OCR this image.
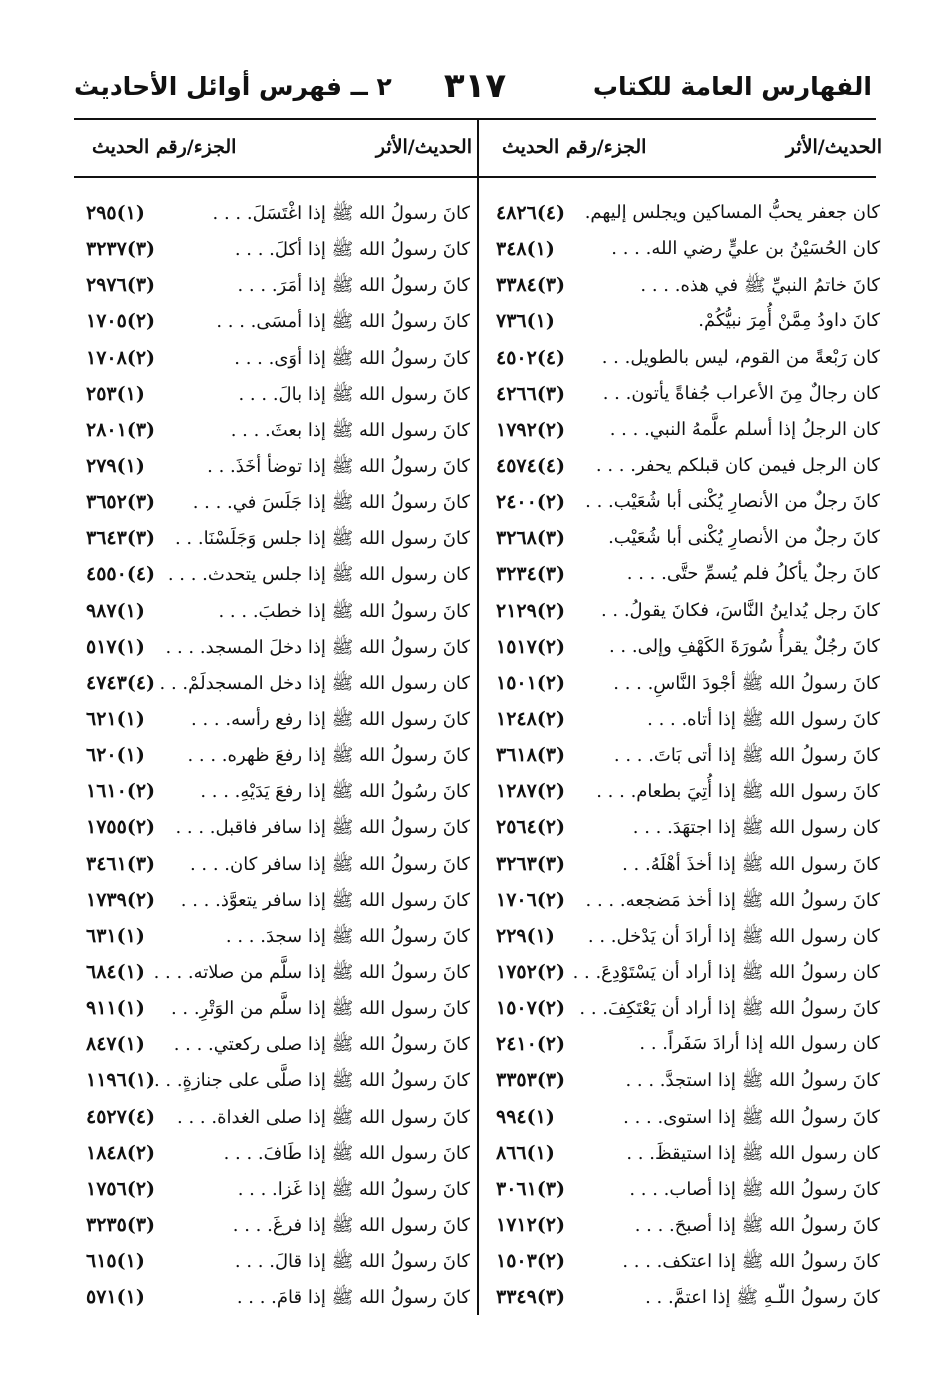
الفهارس العامة للكتاب
٣١٧
٢ ــ فهرس أوائل الأحاديث
الحديث/الأثر
الجزء/رقم الحديث
الحديث/الأثر
الجزء/رقم الحديث
كان جعفر يحبُّ المساكين ويجلس إليهم.
(٤)٤٨٢٦
كان الحُسَيْنُ بن عليٍّ رضي الله. . . .
(١)٣٤٨
كانَ خاتمُ النبيِّ ﷺ في هذه. . . .
(٣)٣٣٨٤
كانَ داودُ مِمَّنْ أُمِرَ نبيُّكُمْ.
(١)٧٣٦
كان رَبْعةً من القوم، ليس بالطويل. . .
(٤)٤٥٠٢
كان رجالٌ مِنَ الأعراب جُفاةً يأتون. . .
(٣)٤٢٦٦
كان الرجلُ إذا أسلم علَّمهُ النبي. . . .
(٢)١٧٩٢
كان الرجل فيمن كان قبلكم يحفر. . . .
(٤)٤٥٧٤
كانَ رجلٌ من الأنصارِ يُكْنى أبا شُعَيْب. . .
(٢)٢٤٠٠
كانَ رجلٌ من الأنصارِ يُكْنى أبا شُعَيْب.
(٣)٣٢٦٨
كانَ رجلٌ يأكلُ فلم يُسمِّ حتَّى. . . .
(٣)٣٢٣٤
كانَ رجل يُداينُ النَّاسَ، فكانَ يقولُ. . .
(٢)٢١٢٩
كانَ رجُلٌ يقرأُ سُورَةَ الكَهْفِ وإلى. . .
(٢)١٥١٧
كانَ رسولُ الله ﷺ أجْودَ النَّاسِ. . . .
(٢)١٥٠١
كانَ رسول الله ﷺ إذا أتاه. . . .
(٢)١٢٤٨
كانَ رسولُ الله ﷺ إذا أتى بَاتَ. . . .
(٣)٣٦١٨
كانَ رسول الله ﷺ إذا أُتِيَ بطعام. . . .
(٢)١٢٨٧
كان رسول الله ﷺ إذا اجتهَدَ. . . .
(٢)٢٥٦٤
كانَ رسول الله ﷺ إذا أخذَ أهْلَهُ. . .
(٣)٣٢٦٣
كانَ رسولُ الله ﷺ إذا أخذ مَضجعه. . . .
(٢)١٧٠٦
كان رسول الله ﷺ إذا أرادَ أن يَدْخل. . .
(١)٢٢٩
كان رسولُ الله ﷺ إذا أراد أن يَسْتَوْدِعَ. . .
(٢)١٧٥٢
كانَ رسولُ الله ﷺ إذا أراد أن يَعْتَكِفَ. . .
(٢)١٥٠٧
كان رسول الله إذا أرادَ سَفَراً. . .
(٢)٢٤١٠
كانَ رسولُ الله ﷺ إذا استجدَّ. . . .
(٣)٣٣٥٣
كانَ رسولُ الله ﷺ إذا استوى. . . .
(١)٩٩٤
كان رسول الله ﷺ إذا استيقظَ. . .
(١)٨٦٦
كانَ رسولُ الله ﷺ إذا أصاب. . . .
(٣)٣٠٦١
كانَ رسولُ الله ﷺ إذا أصبحَ. . . .
(٢)١٧١٢
كانَ رسولُ الله ﷺ إذا اعتكف. . . .
(٢)١٥٠٣
كانَ رسولُ اللّـهِ ﷺ إذا اعتمَّ. . .
(٣)٣٣٤٩
كانَ رسولُ الله ﷺ إذا اغْتَسَلَ. . . .
(١)٢٩٥
كانَ رسولُ الله ﷺ إذا أكلَ. . . .
(٣)٣٢٣٧
كانَ رسولُ الله ﷺ إذا أمَرَ. . . .
(٣)٢٩٧٦
كانَ رسولُ الله ﷺ إذا أمسَى. . . .
(٢)١٧٠٥
كانَ رسولُ الله ﷺ إذا أوَى. . . .
(٢)١٧٠٨
كانَ رسول الله ﷺ إذا بالَ. . . .
(١)٢٥٣
كانَ رسول الله ﷺ إذا بعثَ. . . .
(٣)٢٨٠١
كانَ رسولُ الله ﷺ إذا توضأ أخَذَ. . .
(١)٢٧٩
كانَ رسولُ الله ﷺ إذا جَلَسَ في. . . .
(٣)٣٦٥٢
كانَ رسول الله ﷺ إذا جلس وَجَلَسْنَا. . .
(٣)٣٦٤٣
كان رسول الله ﷺ إذا جلس يتحدث. . . .
(٤)٤٥٥٠
كانَ رسولُ الله ﷺ إذا خطبَ. . . .
(١)٩٨٧
كانَ رسولُ الله ﷺ إذا دخلَ المسجد. . . .
(١)٥١٧
كان رسول الله ﷺ إذا دخل المسجدلَمْ. . .
(٤)٤٧٤٣
كانَ رسول الله ﷺ إذا رفع رأسه. . . .
(١)٦٢١
كانَ رسولُ الله ﷺ إذا رفعَ ظهره. . . .
(١)٦٢٠
كانَ رسُولُ الله ﷺ إذا رفعَ يَدَيْهِ. . . .
(٢)١٦١٠
كانَ رسولُ الله ﷺ إذا سافر فاقبل. . . .
(٢)١٧٥٥
كانَ رسولُ الله ﷺ إذا سافر كان. . . .
(٣)٣٤٦١
كانَ رسول الله ﷺ إذا سافر يتعوَّذ. . . .
(٢)١٧٣٩
كانَ رسولُ الله ﷺ إذا سجدَ. . . .
(١)٦٣١
كانَ رسولُ الله ﷺ إذا سلَّم من صلاته. . . .
(١)٦٨٤
كانَ رسول الله ﷺ إذا سلَّم من الوَتْرِ. . .
(١)٩١١
كانَ رسولُ الله ﷺ إذا صلى ركعتي. . . .
(١)٨٤٧
كانَ رسولُ الله ﷺ إذا صلَّى على جنازةٍ. . .
(١)١١٩٦
كانَ رسول الله ﷺ إذا صلى الغداة. . . .
(٤)٤٥٢٧
كانَ رسول الله ﷺ إذا طَافَ. . . .
(٢)١٨٤٨
كانَ رسولُ الله ﷺ إذا غَزا. . . .
(٢)١٧٥٦
كانَ رسول الله ﷺ إذا فرغَ. . . .
(٣)٣٢٣٥
كانَ رسولُ الله ﷺ إذا قالَ. . . .
(١)٦١٥
كانَ رسولُ الله ﷺ إذا قامَ. . . .
(١)٥٧١
